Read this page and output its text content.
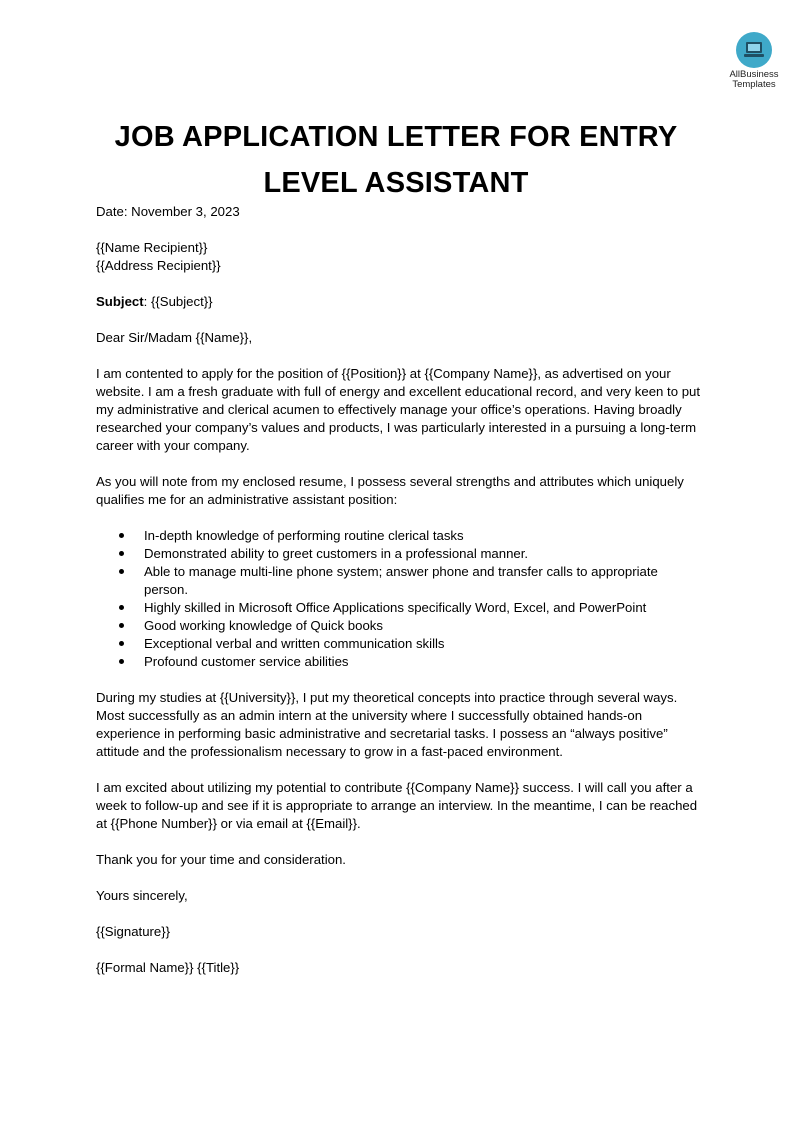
AllBusiness
Templates
JOB APPLICATION LETTER FOR ENTRY
LEVEL ASSISTANT

Date: November 3, 2023

{{Name Recipient}}

{{Address Recipient}}

Subject: {{Subject}}

Dear Sir/Madam {{Name}},

I am contented to apply for the position of {{Position}} at {{Company Name}}, as advertised on your website. I am a fresh graduate with full of energy and excellent educational record, and very keen to put my administrative and clerical acumen to effectively manage your office’s operations. Having broadly researched your company’s values and products, I was particularly interested in a pursuing a long-term career with your company.

As you will note from my enclosed resume, I possess several strengths and attributes which uniquely qualifies me for an administrative assistant position:

In-depth knowledge of performing routine clerical tasks
Demonstrated ability to greet customers in a professional manner.
Able to manage multi-line phone system; answer phone and transfer calls to appropriate person.
Highly skilled in Microsoft Office Applications specifically Word, Excel, and PowerPoint
Good working knowledge of Quick books
Exceptional verbal and written communication skills
Profound customer service abilities

During my studies at {{University}}, I put my theoretical concepts into practice through several ways. Most successfully as an admin intern at the university where I successfully obtained hands-on experience in performing basic administrative and secretarial tasks. I possess an “always positive” attitude and the professionalism necessary to grow in a fast-paced environment.

I am excited about utilizing my potential to contribute {{Company Name}} success. I will call you after a week to follow-up and see if it is appropriate to arrange an interview. In the meantime, I can be reached at {{Phone Number}} or via email at {{Email}}.

Thank you for your time and consideration.

Yours sincerely,

{{Signature}}

{{Formal Name}} {{Title}}
